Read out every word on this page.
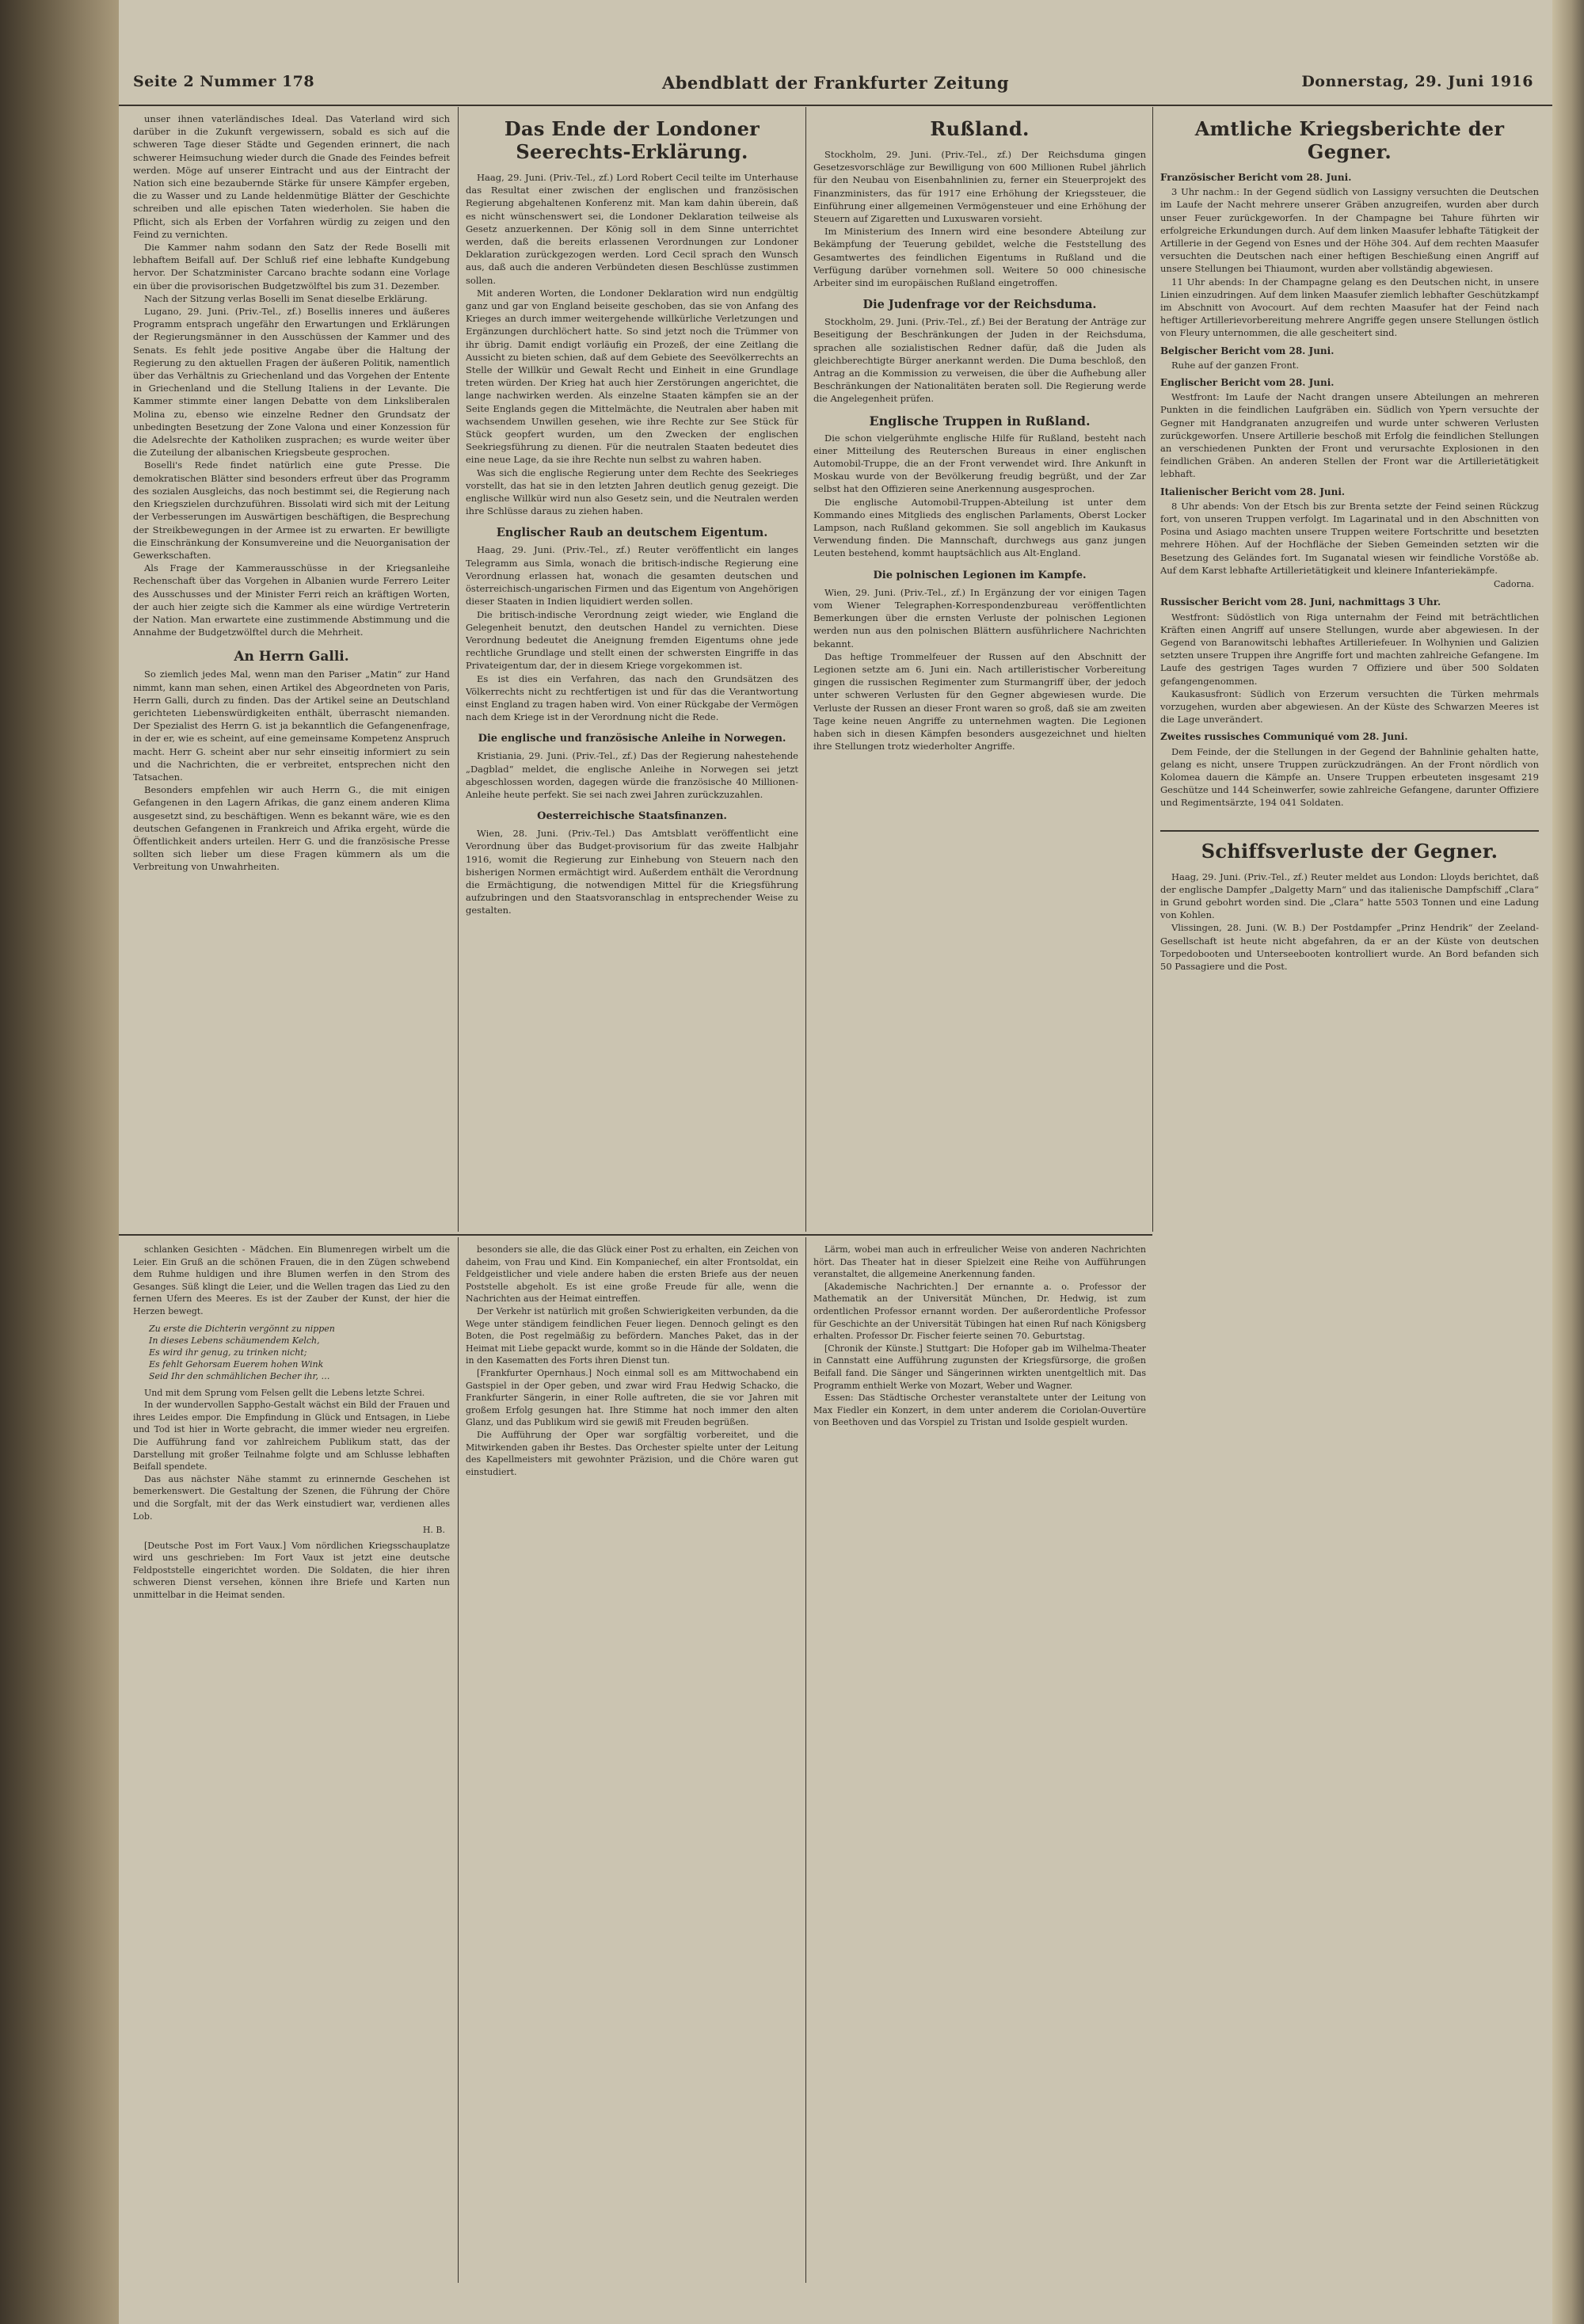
Seite 2 Nummer 178	Abendblatt der Frankfurter Zeitung	Donnerstag, 29. Juni 1916

unser ihnen vaterländisches Ideal. Das Vaterland wird sich darüber in die Zukunft vergewissern, sobald es sich auf die schweren Tage dieser Städte und Gegenden erinnert, die nach schwerer Heimsuchung wieder durch die Gnade des Feindes befreit werden. Möge auf unserer Eintracht und aus der Eintracht der Nation sich eine bezaubernde Stärke für unsere Kämpfer ergeben, die zu Wasser und zu Lande heldenmütige Blätter der Geschichte schreiben und alle epischen Taten wiederholen. Sie haben die Pflicht, sich als Erben der Vorfahren würdig zu zeigen und den Feind zu vernichten.

Die Kammer nahm sodann den Satz der Rede Boselli mit lebhaftem Beifall auf. Der Schluß rief eine lebhafte Kundgebung hervor. Der Schatzminister Carcano brachte sodann eine Vorlage ein über die provisorischen Budgetzwölftel bis zum 31. Dezember.

Nach der Sitzung verlas Boselli im Senat dieselbe Erklärung.

Lugano, 29. Juni. (Priv.-Tel., zf.) Bosellis inneres und äußeres Programm entsprach ungefähr den Erwartungen und Erklärungen der Regierungsmänner in den Ausschüssen der Kammer und des Senats. Es fehlt jede positive Angabe über die Haltung der Regierung zu den aktuellen Fragen der äußeren Politik, namentlich über das Verhältnis zu Griechenland und das Vorgehen der Entente in Griechenland und die Stellung Italiens in der Levante. Die Kammer stimmte einer langen Debatte von dem Linksliberalen Molina zu, ebenso wie einzelne Redner den Grundsatz der unbedingten Besetzung der Zone Valona und einer Konzession für die Adelsrechte der Katholiken zusprachen; es wurde weiter über die Zuteilung der albanischen Kriegsbeute gesprochen.

Boselli's Rede findet natürlich eine gute Presse. Die demokratischen Blätter sind besonders erfreut über das Programm des sozialen Ausgleichs, das noch bestimmt sei, die Regierung nach den Kriegszielen durchzuführen. Bissolati wird sich mit der Leitung der Verbesserungen im Auswärtigen beschäftigen, die Besprechung der Streikbewegungen in der Armee ist zu erwarten. Er bewilligte die Einschränkung der Konsumvereine und die Neuorganisation der Gewerkschaften.

Als Frage der Kammerausschüsse in der Kriegsanleihe Rechenschaft über das Vorgehen in Albanien wurde Ferrero Leiter des Ausschusses und der Minister Ferri reich an kräftigen Worten, der auch hier zeigte sich die Kammer als eine würdige Vertreterin der Nation. Man erwartete eine zustimmende Abstimmung und die Annahme der Budgetzwölftel durch die Mehrheit.

An Herrn Galli.

So ziemlich jedes Mal, wenn man den Pariser „Matin“ zur Hand nimmt, kann man sehen, einen Artikel des Abgeordneten von Paris, Herrn Galli, durch zu finden. Das der Artikel seine an Deutschland gerichteten Liebenswürdigkeiten enthält, überrascht niemanden. Der Spezialist des Herrn G. ist ja bekanntlich die Gefangenenfrage, in der er, wie es scheint, auf eine gemeinsame Kompetenz Anspruch macht. Herr G. scheint aber nur sehr einseitig informiert zu sein und die Nachrichten, die er verbreitet, entsprechen nicht den Tatsachen.

Besonders empfehlen wir auch Herrn G., die mit einigen Gefangenen in den Lagern Afrikas, die ganz einem anderen Klima ausgesetzt sind, zu beschäftigen. Wenn es bekannt wäre, wie es den deutschen Gefangenen in Frankreich und Afrika ergeht, würde die Öffentlichkeit anders urteilen. Herr G. und die französische Presse sollten sich lieber um diese Fragen kümmern als um die Verbreitung von Unwahrheiten.

Das Ende der Londoner Seerechts-Erklärung.

Haag, 29. Juni. (Priv.-Tel., zf.) Lord Robert Cecil teilte im Unterhause das Resultat einer zwischen der englischen und französischen Regierung abgehaltenen Konferenz mit. Man kam dahin überein, daß es nicht wünschenswert sei, die Londoner Deklaration teilweise als Gesetz anzuerkennen. Der König soll in dem Sinne unterrichtet werden, daß die bereits erlassenen Verordnungen zur Londoner Deklaration zurückgezogen werden. Lord Cecil sprach den Wunsch aus, daß auch die anderen Verbündeten diesen Beschlüsse zustimmen sollen.

Mit anderen Worten, die Londoner Deklaration wird nun endgültig ganz und gar von England beiseite geschoben, das sie von Anfang des Krieges an durch immer weitergehende willkürliche Verletzungen und Ergänzungen durchlöchert hatte. So sind jetzt noch die Trümmer von ihr übrig. Damit endigt vorläufig ein Prozeß, der eine Zeitlang die Aussicht zu bieten schien, daß auf dem Gebiete des Seevölkerrechts an Stelle der Willkür und Gewalt Recht und Einheit in eine Grundlage treten würden. Der Krieg hat auch hier Zerstörungen angerichtet, die lange nachwirken werden. Als einzelne Staaten kämpfen sie an der Seite Englands gegen die Mittelmächte, die Neutralen aber haben mit wachsendem Unwillen gesehen, wie ihre Rechte zur See Stück für Stück geopfert wurden, um den Zwecken der englischen Seekriegsführung zu dienen. Für die neutralen Staaten bedeutet dies eine neue Lage, da sie ihre Rechte nun selbst zu wahren haben.

Was sich die englische Regierung unter dem Rechte des Seekrieges vorstellt, das hat sie in den letzten Jahren deutlich genug gezeigt. Die englische Willkür wird nun also Gesetz sein, und die Neutralen werden ihre Schlüsse daraus zu ziehen haben.

Englischer Raub an deutschem Eigentum.

Haag, 29. Juni. (Priv.-Tel., zf.) Reuter veröffentlicht ein langes Telegramm aus Simla, wonach die britisch-indische Regierung eine Verordnung erlassen hat, wonach die gesamten deutschen und österreichisch-ungarischen Firmen und das Eigentum von Angehörigen dieser Staaten in Indien liquidiert werden sollen.

Die britisch-indische Verordnung zeigt wieder, wie England die Gelegenheit benutzt, den deutschen Handel zu vernichten. Diese Verordnung bedeutet die Aneignung fremden Eigentums ohne jede rechtliche Grundlage und stellt einen der schwersten Eingriffe in das Privateigentum dar, der in diesem Kriege vorgekommen ist.

Es ist dies ein Verfahren, das nach den Grundsätzen des Völkerrechts nicht zu rechtfertigen ist und für das die Verantwortung einst England zu tragen haben wird. Von einer Rückgabe der Vermögen nach dem Kriege ist in der Verordnung nicht die Rede.

Die englische und französische Anleihe in Norwegen.

Kristiania, 29. Juni. (Priv.-Tel., zf.) Das der Regierung nahestehende „Dagblad“ meldet, die englische Anleihe in Norwegen sei jetzt abgeschlossen worden, dagegen würde die französische 40 Millionen-Anleihe heute perfekt. Sie sei nach zwei Jahren zurückzuzahlen.

Oesterreichische Staatsfinanzen.

Wien, 28. Juni. (Priv.-Tel.) Das Amtsblatt veröffentlicht eine Verordnung über das Budget-provisorium für das zweite Halbjahr 1916, womit die Regierung zur Einhebung von Steuern nach den bisherigen Normen ermächtigt wird. Außerdem enthält die Verordnung die Ermächtigung, die notwendigen Mittel für die Kriegsführung aufzubringen und den Staatsvoranschlag in entsprechender Weise zu gestalten.

Rußland.

Stockholm, 29. Juni. (Priv.-Tel., zf.) Der Reichsduma gingen Gesetzesvorschläge zur Bewilligung von 600 Millionen Rubel jährlich für den Neubau von Eisenbahnlinien zu, ferner ein Steuerprojekt des Finanzministers, das für 1917 eine Erhöhung der Kriegssteuer, die Einführung einer allgemeinen Vermögensteuer und eine Erhöhung der Steuern auf Zigaretten und Luxuswaren vorsieht.

Im Ministerium des Innern wird eine besondere Abteilung zur Bekämpfung der Teuerung gebildet, welche die Feststellung des Gesamtwertes des feindlichen Eigentums in Rußland und die Verfügung darüber vornehmen soll. Weitere 50 000 chinesische Arbeiter sind im europäischen Rußland eingetroffen.

Die Judenfrage vor der Reichsduma.

Stockholm, 29. Juni. (Priv.-Tel., zf.) Bei der Beratung der Anträge zur Beseitigung der Beschränkungen der Juden in der Reichsduma, sprachen alle sozialistischen Redner dafür, daß die Juden als gleichberechtigte Bürger anerkannt werden. Die Duma beschloß, den Antrag an die Kommission zu verweisen, die über die Aufhebung aller Beschränkungen der Nationalitäten beraten soll. Die Regierung werde die Angelegenheit prüfen.

Englische Truppen in Rußland.

Die schon vielgerühmte englische Hilfe für Rußland, besteht nach einer Mitteilung des Reuterschen Bureaus in einer englischen Automobil-Truppe, die an der Front verwendet wird. Ihre Ankunft in Moskau wurde von der Bevölkerung freudig begrüßt, und der Zar selbst hat den Offizieren seine Anerkennung ausgesprochen.

Die englische Automobil-Truppen-Abteilung ist unter dem Kommando eines Mitglieds des englischen Parlaments, Oberst Locker Lampson, nach Rußland gekommen. Sie soll angeblich im Kaukasus Verwendung finden. Die Mannschaft, durchwegs aus ganz jungen Leuten bestehend, kommt hauptsächlich aus Alt-England.

Die polnischen Legionen im Kampfe.

Wien, 29. Juni. (Priv.-Tel., zf.) In Ergänzung der vor einigen Tagen vom Wiener Telegraphen-Korrespondenzbureau veröffentlichten Bemerkungen über die ernsten Verluste der polnischen Legionen werden nun aus den polnischen Blättern ausführlichere Nachrichten bekannt.

Das heftige Trommelfeuer der Russen auf den Abschnitt der Legionen setzte am 6. Juni ein. Nach artilleristischer Vorbereitung gingen die russischen Regimenter zum Sturmangriff über, der jedoch unter schweren Verlusten für den Gegner abgewiesen wurde. Die Verluste der Russen an dieser Front waren so groß, daß sie am zweiten Tage keine neuen Angriffe zu unternehmen wagten. Die Legionen haben sich in diesen Kämpfen besonders ausgezeichnet und hielten ihre Stellungen trotz wiederholter Angriffe.

Amtliche Kriegsberichte der Gegner.
Französischer Bericht vom 28. Juni.

3 Uhr nachm.: In der Gegend südlich von Lassigny versuchten die Deutschen im Laufe der Nacht mehrere unserer Gräben anzugreifen, wurden aber durch unser Feuer zurückgeworfen. In der Champagne bei Tahure führten wir erfolgreiche Erkundungen durch. Auf dem linken Maasufer lebhafte Tätigkeit der Artillerie in der Gegend von Esnes und der Höhe 304. Auf dem rechten Maasufer versuchten die Deutschen nach einer heftigen Beschießung einen Angriff auf unsere Stellungen bei Thiaumont, wurden aber vollständig abgewiesen.

11 Uhr abends: In der Champagne gelang es den Deutschen nicht, in unsere Linien einzudringen. Auf dem linken Maasufer ziemlich lebhafter Geschützkampf im Abschnitt von Avocourt. Auf dem rechten Maasufer hat der Feind nach heftiger Artillerievorbereitung mehrere Angriffe gegen unsere Stellungen östlich von Fleury unternommen, die alle gescheitert sind.

Belgischer Bericht vom 28. Juni.

Ruhe auf der ganzen Front.

Englischer Bericht vom 28. Juni.

Westfront: Im Laufe der Nacht drangen unsere Abteilungen an mehreren Punkten in die feindlichen Laufgräben ein. Südlich von Ypern versuchte der Gegner mit Handgranaten anzugreifen und wurde unter schweren Verlusten zurückgeworfen. Unsere Artillerie beschoß mit Erfolg die feindlichen Stellungen an verschiedenen Punkten der Front und verursachte Explosionen in den feindlichen Gräben. An anderen Stellen der Front war die Artillerietätigkeit lebhaft.

Italienischer Bericht vom 28. Juni.

8 Uhr abends: Von der Etsch bis zur Brenta setzte der Feind seinen Rückzug fort, von unseren Truppen verfolgt. Im Lagarinatal und in den Abschnitten von Posina und Asiago machten unsere Truppen weitere Fortschritte und besetzten mehrere Höhen. Auf der Hochfläche der Sieben Gemeinden setzten wir die Besetzung des Geländes fort. Im Suganatal wiesen wir feindliche Vorstöße ab. Auf dem Karst lebhafte Artillerietätigkeit und kleinere Infanteriekämpfe.

Cadorna.
Russischer Bericht vom 28. Juni, nachmittags 3 Uhr.

Westfront: Südöstlich von Riga unternahm der Feind mit beträchtlichen Kräften einen Angriff auf unsere Stellungen, wurde aber abgewiesen. In der Gegend von Baranowitschi lebhaftes Artilleriefeuer. In Wolhynien und Galizien setzten unsere Truppen ihre Angriffe fort und machten zahlreiche Gefangene. Im Laufe des gestrigen Tages wurden 7 Offiziere und über 500 Soldaten gefangengenommen.

Kaukasusfront: Südlich von Erzerum versuchten die Türken mehrmals vorzugehen, wurden aber abgewiesen. An der Küste des Schwarzen Meeres ist die Lage unverändert.

Zweites russisches Communiqué vom 28. Juni.

Dem Feinde, der die Stellungen in der Gegend der Bahnlinie gehalten hatte, gelang es nicht, unsere Truppen zurückzudrängen. An der Front nördlich von Kolomea dauern die Kämpfe an. Unsere Truppen erbeuteten insgesamt 219 Geschütze und 144 Scheinwerfer, sowie zahlreiche Gefangene, darunter Offiziere und Regimentsärzte, 194 041 Soldaten.

Schiffsverluste der Gegner.

Haag, 29. Juni. (Priv.-Tel., zf.) Reuter meldet aus London: Lloyds berichtet, daß der englische Dampfer „Dalgetty Marn“ und das italienische Dampfschiff „Clara“ in Grund gebohrt worden sind. Die „Clara“ hatte 5503 Tonnen und eine Ladung von Kohlen.

Vlissingen, 28. Juni. (W. B.) Der Postdampfer „Prinz Hendrik“ der Zeeland-Gesellschaft ist heute nicht abgefahren, da er an der Küste von deutschen Torpedobooten und Unterseebooten kontrolliert wurde. An Bord befanden sich 50 Passagiere und die Post.

schlanken Gesichten ‑ Mädchen. Ein Blumenregen wirbelt um die Leier. Ein Gruß an die schönen Frauen, die in den Zügen schwebend dem Ruhme huldigen und ihre Blumen werfen in den Strom des Gesanges. Süß klingt die Leier, und die Wellen tragen das Lied zu den fernen Ufern des Meeres. Es ist der Zauber der Kunst, der hier die Herzen bewegt.

Zu erste die Dichterin vergönnt zu nippen
In dieses Lebens schäumendem Kelch,
Es wird ihr genug, zu trinken nicht;
Es fehlt Gehorsam Euerem hohen Wink
Seid Ihr den schmählichen Becher ihr, …

Und mit dem Sprung vom Felsen gellt die Lebens letzte Schrei.

In der wundervollen Sappho‑Gestalt wächst ein Bild der Frauen und ihres Leides empor. Die Empfindung in Glück und Entsagen, in Liebe und Tod ist hier in Worte gebracht, die immer wieder neu ergreifen. Die Aufführung fand vor zahlreichem Publikum statt, das der Darstellung mit großer Teilnahme folgte und am Schlusse lebhaften Beifall spendete.

Das aus nächster Nähe stammt zu erinnernde Geschehen ist bemerkenswert. Die Gestaltung der Szenen, die Führung der Chöre und die Sorgfalt, mit der das Werk einstudiert war, verdienen alles Lob.

H. B.

[Deutsche Post im Fort Vaux.] Vom nördlichen Kriegsschauplatze wird uns geschrieben: Im Fort Vaux ist jetzt eine deutsche Feldpoststelle eingerichtet worden. Die Soldaten, die hier ihren schweren Dienst versehen, können ihre Briefe und Karten nun unmittelbar in die Heimat senden.

besonders sie alle, die das Glück einer Post zu erhalten, ein Zeichen von daheim, von Frau und Kind. Ein Kompaniechef, ein alter Frontsoldat, ein Feldgeistlicher und viele andere haben die ersten Briefe aus der neuen Poststelle abgeholt. Es ist eine große Freude für alle, wenn die Nachrichten aus der Heimat eintreffen.

Der Verkehr ist natürlich mit großen Schwierigkeiten verbunden, da die Wege unter ständigem feindlichen Feuer liegen. Dennoch gelingt es den Boten, die Post regelmäßig zu befördern. Manches Paket, das in der Heimat mit Liebe gepackt wurde, kommt so in die Hände der Soldaten, die in den Kasematten des Forts ihren Dienst tun.

[Frankfurter Opernhaus.] Noch einmal soll es am Mittwochabend ein Gastspiel in der Oper geben, und zwar wird Frau Hedwig Schacko, die Frankfurter Sängerin, in einer Rolle auftreten, die sie vor Jahren mit großem Erfolg gesungen hat. Ihre Stimme hat noch immer den alten Glanz, und das Publikum wird sie gewiß mit Freuden begrüßen.

Die Aufführung der Oper war sorgfältig vorbereitet, und die Mitwirkenden gaben ihr Bestes. Das Orchester spielte unter der Leitung des Kapellmeisters mit gewohnter Präzision, und die Chöre waren gut einstudiert.

Lärm, wobei man auch in erfreulicher Weise von anderen Nachrichten hört. Das Theater hat in dieser Spielzeit eine Reihe von Aufführungen veranstaltet, die allgemeine Anerkennung fanden.

[Akademische Nachrichten.] Der ernannte a. o. Professor der Mathematik an der Universität München, Dr. Hedwig, ist zum ordentlichen Professor ernannt worden. Der außerordentliche Professor für Geschichte an der Universität Tübingen hat einen Ruf nach Königsberg erhalten. Professor Dr. Fischer feierte seinen 70. Geburtstag.

[Chronik der Künste.] Stuttgart: Die Hofoper gab im Wilhelma‑Theater in Cannstatt eine Aufführung zugunsten der Kriegsfürsorge, die großen Beifall fand. Die Sänger und Sängerinnen wirkten unentgeltlich mit. Das Programm enthielt Werke von Mozart, Weber und Wagner.

Essen: Das Städtische Orchester veranstaltete unter der Leitung von Max Fiedler ein Konzert, in dem unter anderem die Coriolan‑Ouvertüre von Beethoven und das Vorspiel zu Tristan und Isolde gespielt wurden.
